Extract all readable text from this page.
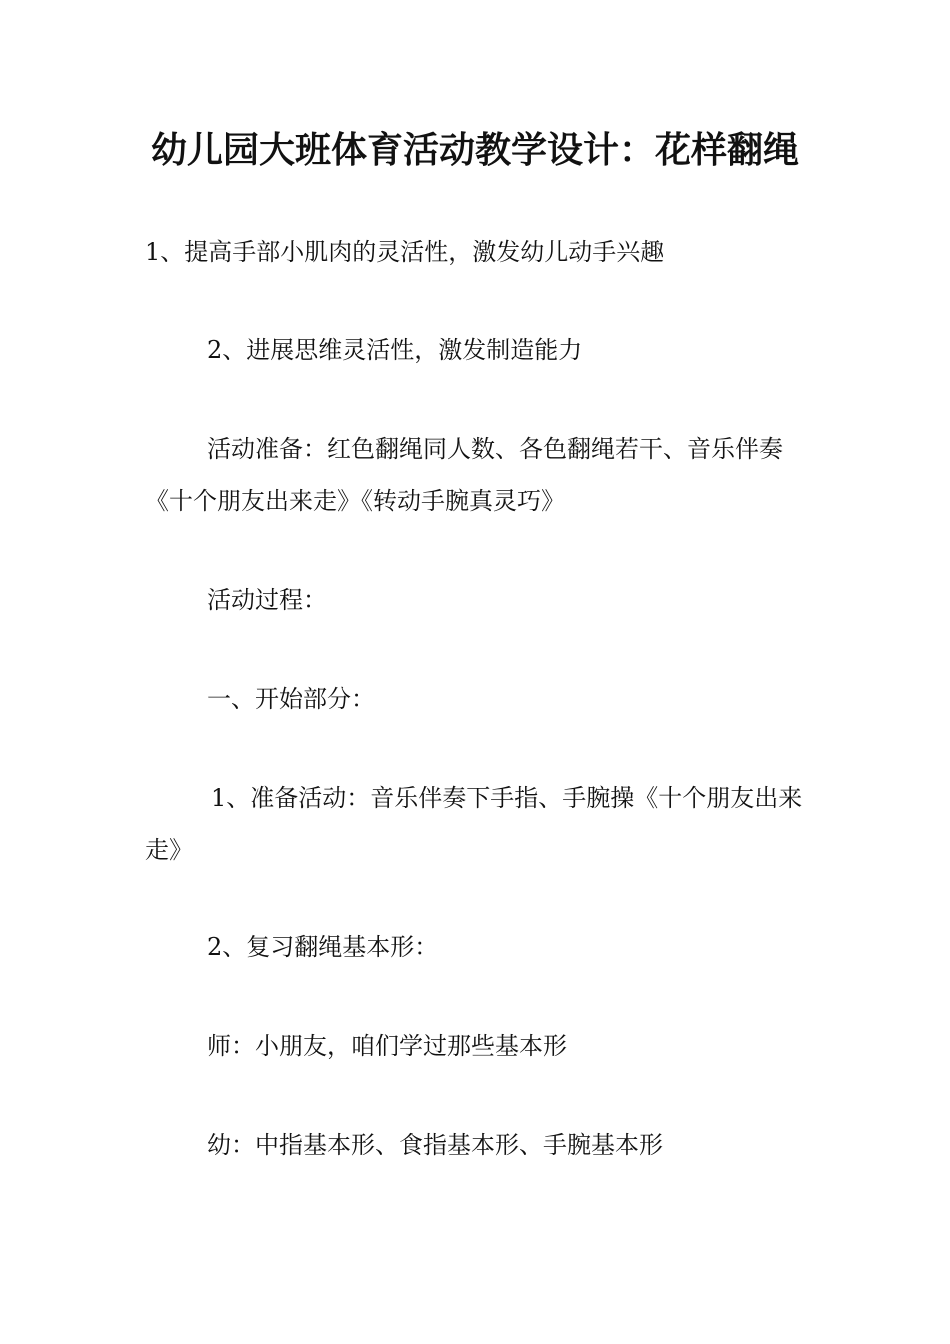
幼儿园大班体育活动教学设计：花样翻绳

1、提高手部小肌肉的灵活性，激发幼儿动手兴趣

2、进展思维灵活性，激发制造能力

活动准备：红色翻绳同人数、各色翻绳若干、音乐伴奏《十个朋友出来走》《转动手腕真灵巧》

活动过程：

一、开始部分：

1、准备活动：音乐伴奏下手指、手腕操《十个朋友出来走》

2、复习翻绳基本形：

师：小朋友，咱们学过那些基本形

幼：中指基本形、食指基本形、手腕基本形
